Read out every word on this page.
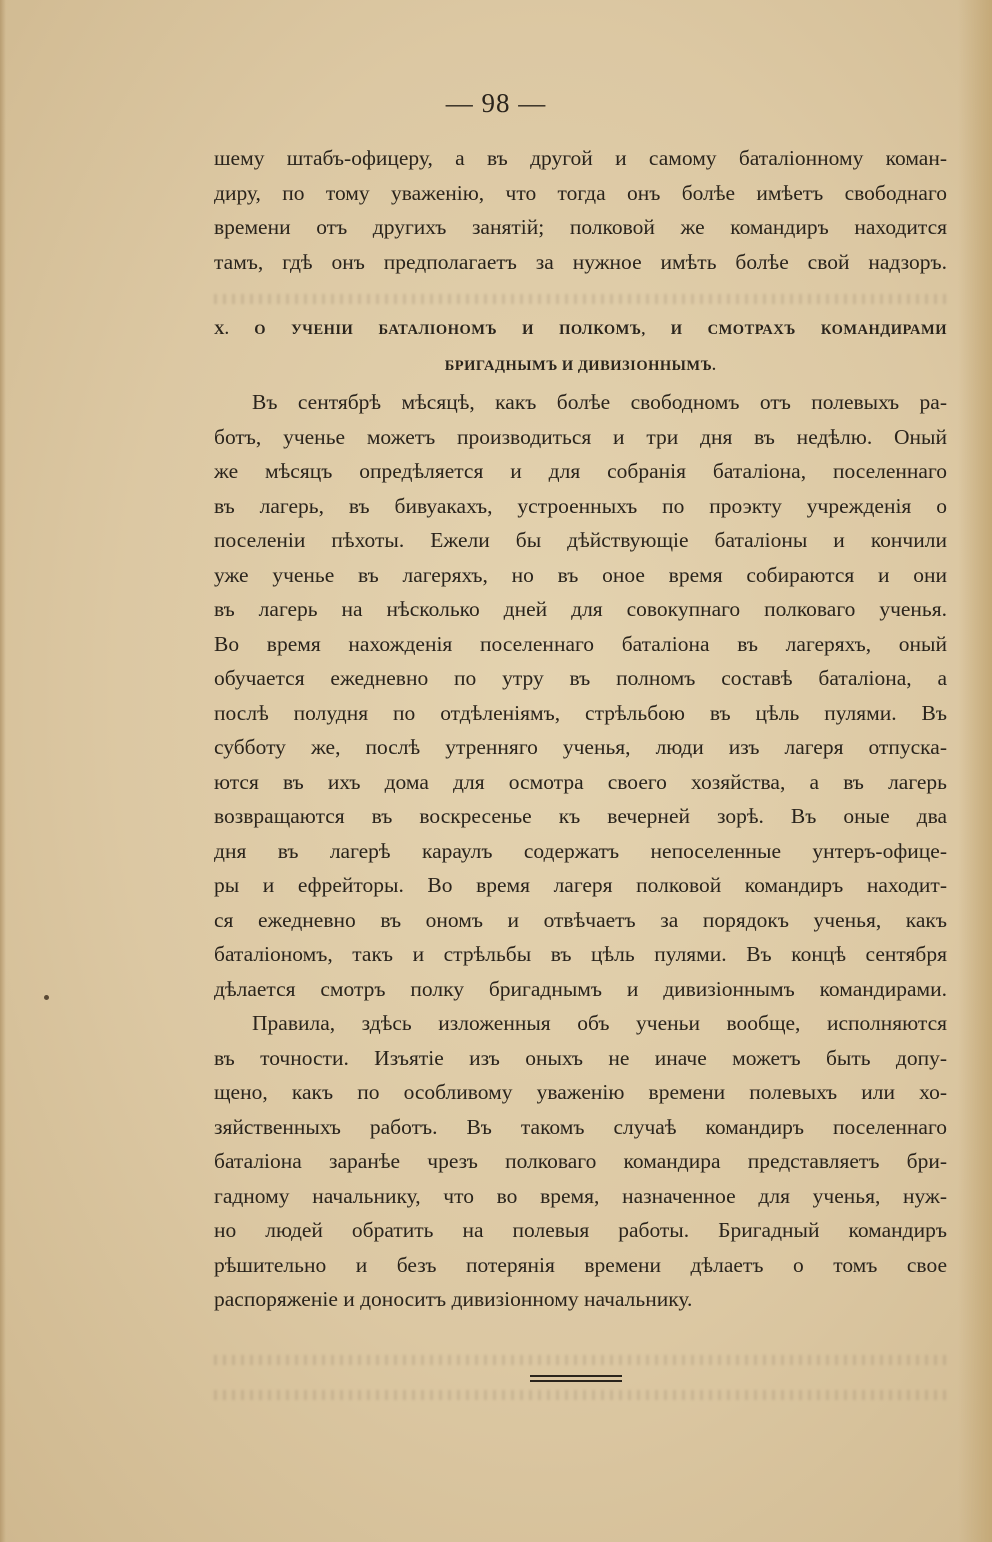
— 98 —
шему штабъ-офицеру, а въ другой и самому баталiонному коман-
диру, по тому уваженiю, что тогда онъ болѣе имѣетъ свободнаго
времени отъ другихъ занятiй; полковой же командиръ находится
тамъ, гдѣ онъ предполагаетъ за нужное имѣть болѣе свой надзоръ.
X. О УЧЕНIИ БАТАЛIОНОМЪ И ПОЛКОМЪ, И СМОТРАХЪ КОМАНДИРАМИ
БРИГАДНЫМЪ И ДИВИЗIОННЫМЪ.
Въ сентябрѣ мѣсяцѣ, какъ болѣе свободномъ отъ полевыхъ ра-
ботъ, ученье можетъ производиться и три дня въ недѣлю. Оный
же мѣсяцъ опредѣляется и для собранiя баталiона, поселеннаго
въ лагерь, въ бивуакахъ, устроенныхъ по проэкту учрежденiя о
поселенiи пѣхоты. Ежели бы дѣйствующiе баталiоны и кончили
уже ученье въ лагеряхъ, но въ оное время собираются и они
въ лагерь на нѣсколько дней для совокупнаго полковаго ученья.
Во время нахожденiя поселеннаго баталiона въ лагеряхъ, оный
обучается ежедневно по утру въ полномъ составѣ баталiона, а
послѣ полудня по отдѣленiямъ, стрѣльбою въ цѣль пулями. Въ
субботу же, послѣ утренняго ученья, люди изъ лагеря отпуска-
ются въ ихъ дома для осмотра своего хозяйства, а въ лагерь
возвращаются въ воскресенье къ вечерней зорѣ. Въ оные два
дня въ лагерѣ караулъ содержатъ непоселенные унтеръ-офице-
ры и ефрейторы. Во время лагеря полковой командиръ находит-
ся ежедневно въ ономъ и отвѣчаетъ за порядокъ ученья, какъ
баталiономъ, такъ и стрѣльбы въ цѣль пулями. Въ концѣ сентября
дѣлается смотръ полку бригаднымъ и дивизiоннымъ командирами.
Правила, здѣсь изложенныя объ ученьи вообще, исполняются
въ точности. Изъятiе изъ оныхъ не иначе можетъ быть допу-
щено, какъ по особливому уваженiю времени полевыхъ или хо-
зяйственныхъ работъ. Въ такомъ случаѣ командиръ поселеннаго
баталiона заранѣе чрезъ полковаго командира представляетъ бри-
гадному начальнику, что во время, назначенное для ученья, нуж-
но людей обратить на полевыя работы. Бригадный командиръ
рѣшительно и безъ потерянiя времени дѣлаетъ о томъ свое
распоряженiе и доноситъ дивизiонному начальнику.
